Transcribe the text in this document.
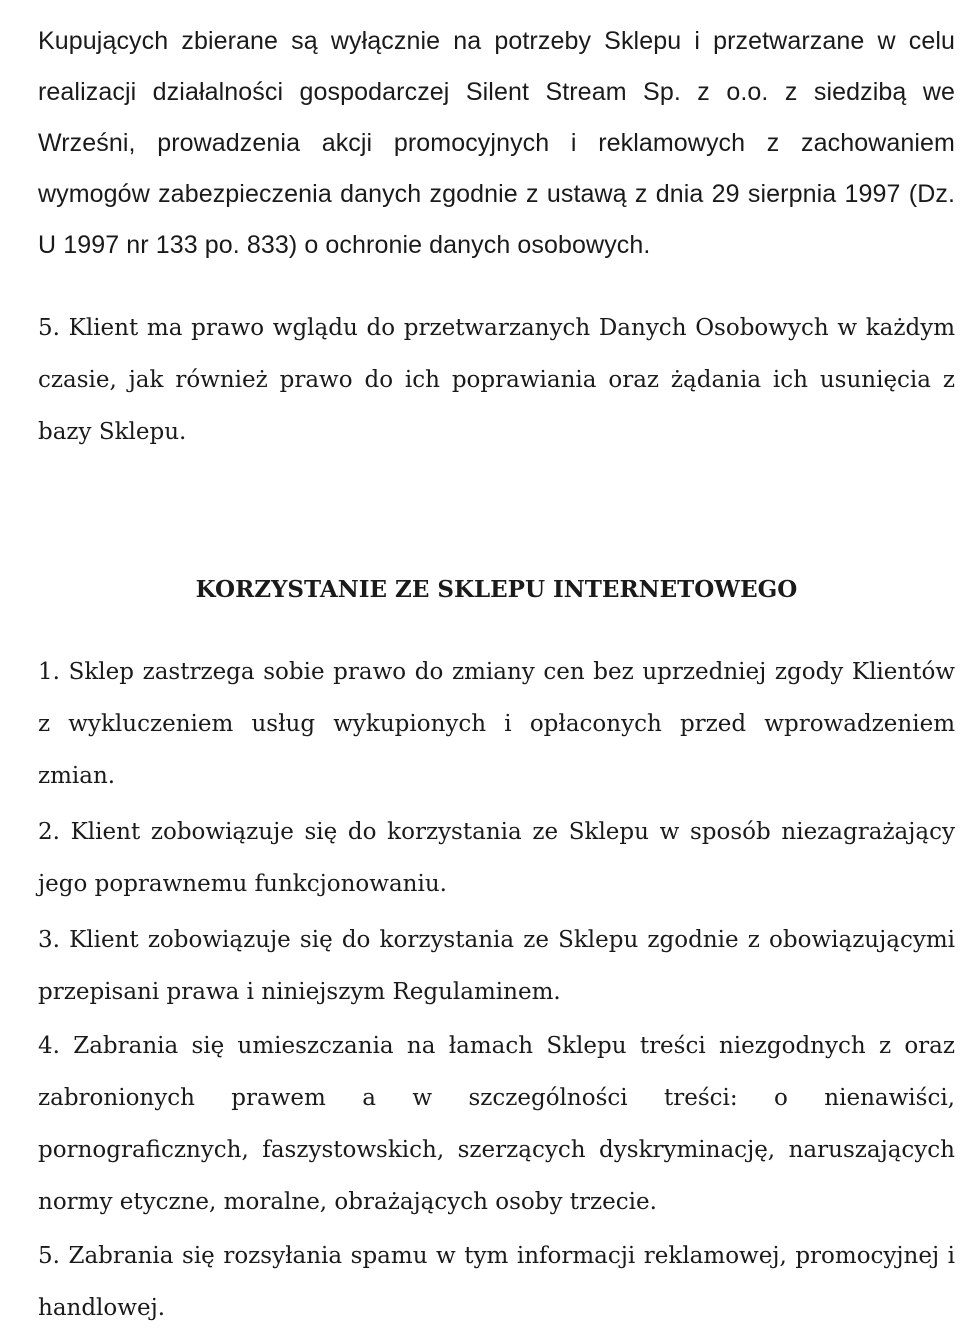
Kupujących zbierane są wyłącznie na potrzeby Sklepu i przetwarzane w celu realizacji działalności gospodarczej Silent Stream Sp. z o.o. z siedzibą we Wrześni, prowadzenia akcji promocyjnych i reklamowych z zachowaniem wymogów zabezpieczenia danych zgodnie z ustawą z dnia 29 sierpnia 1997 (Dz. U 1997 nr 133 po. 833) o ochronie danych osobowych.

5. Klient ma prawo wglądu do przetwarzanych Danych Osobowych w każdym czasie, jak również prawo do ich poprawiania oraz żądania ich usunięcia z bazy Sklepu.

KORZYSTANIE ZE SKLEPU INTERNETOWEGO

1. Sklep zastrzega sobie prawo do zmiany cen bez uprzedniej zgody Klientów z wykluczeniem usług wykupionych i opłaconych przed wprowadzeniem zmian.

2. Klient zobowiązuje się do korzystania ze Sklepu w sposób niezagrażający jego poprawnemu funkcjonowaniu.

3. Klient zobowiązuje się do korzystania ze Sklepu zgodnie z obowiązującymi przepisani prawa i niniejszym Regulaminem.

4. Zabrania się umieszczania na łamach Sklepu treści niezgodnych z oraz zabronionych prawem a w szczególności treści: o nienawiści, pornograficznych, faszystowskich, szerzących dyskryminację, naruszających normy etyczne, moralne, obrażających osoby trzecie.

5. Zabrania się rozsyłania spamu w tym informacji reklamowej, promocyjnej i handlowej.
